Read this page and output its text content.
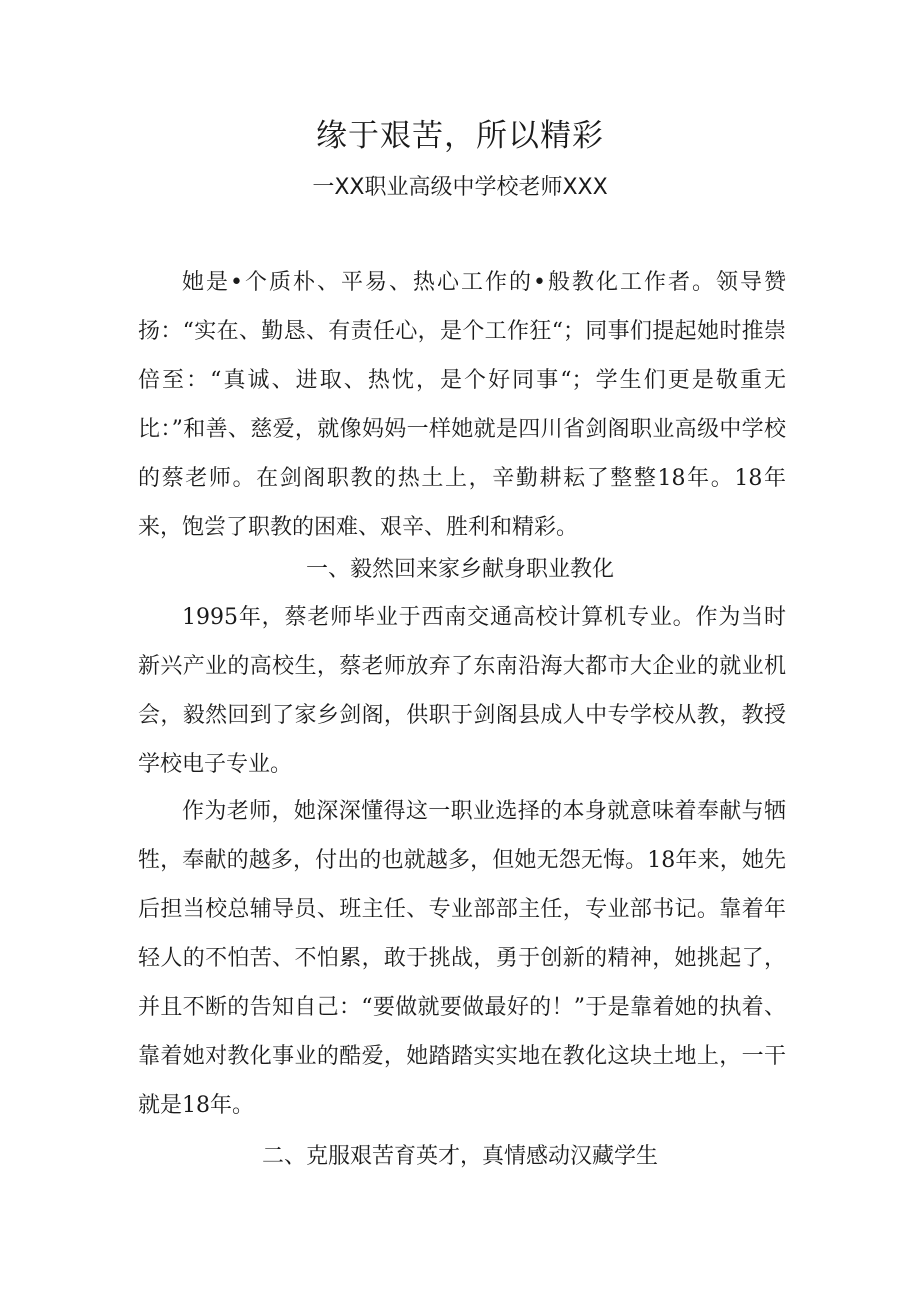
缘于艰苦，所以精彩
一XX职业高级中学校老师XXX

她是•个质朴、平易、热心工作的•般教化工作者。领导赞扬：“实在、勤恳、有责任心，是个工作狂“；同事们提起她时推崇倍至：“真诚、进取、热忱，是个好同事“；学生们更是敬重无比：”和善、慈爱，就像妈妈一样她就是四川省剑阁职业高级中学校的蔡老师。在剑阁职教的热土上，辛勤耕耘了整整18年。18年来，饱尝了职教的困难、艰辛、胜利和精彩。

一、毅然回来家乡献身职业教化

1995年，蔡老师毕业于西南交通高校计算机专业。作为当时新兴产业的高校生，蔡老师放弃了东南沿海大都市大企业的就业机会，毅然回到了家乡剑阁，供职于剑阁县成人中专学校从教，教授学校电子专业。

作为老师，她深深懂得这一职业选择的本身就意味着奉献与牺牲，奉献的越多，付出的也就越多，但她无怨无悔。18年来，她先后担当校总辅导员、班主任、专业部部主任，专业部书记。靠着年轻人的不怕苦、不怕累，敢于挑战，勇于创新的精神，她挑起了，并且不断的告知自己：“要做就要做最好的！”于是靠着她的执着、靠着她对教化事业的酷爱，她踏踏实实地在教化这块土地上，一干就是18年。

二、克服艰苦育英才，真情感动汉藏学生
